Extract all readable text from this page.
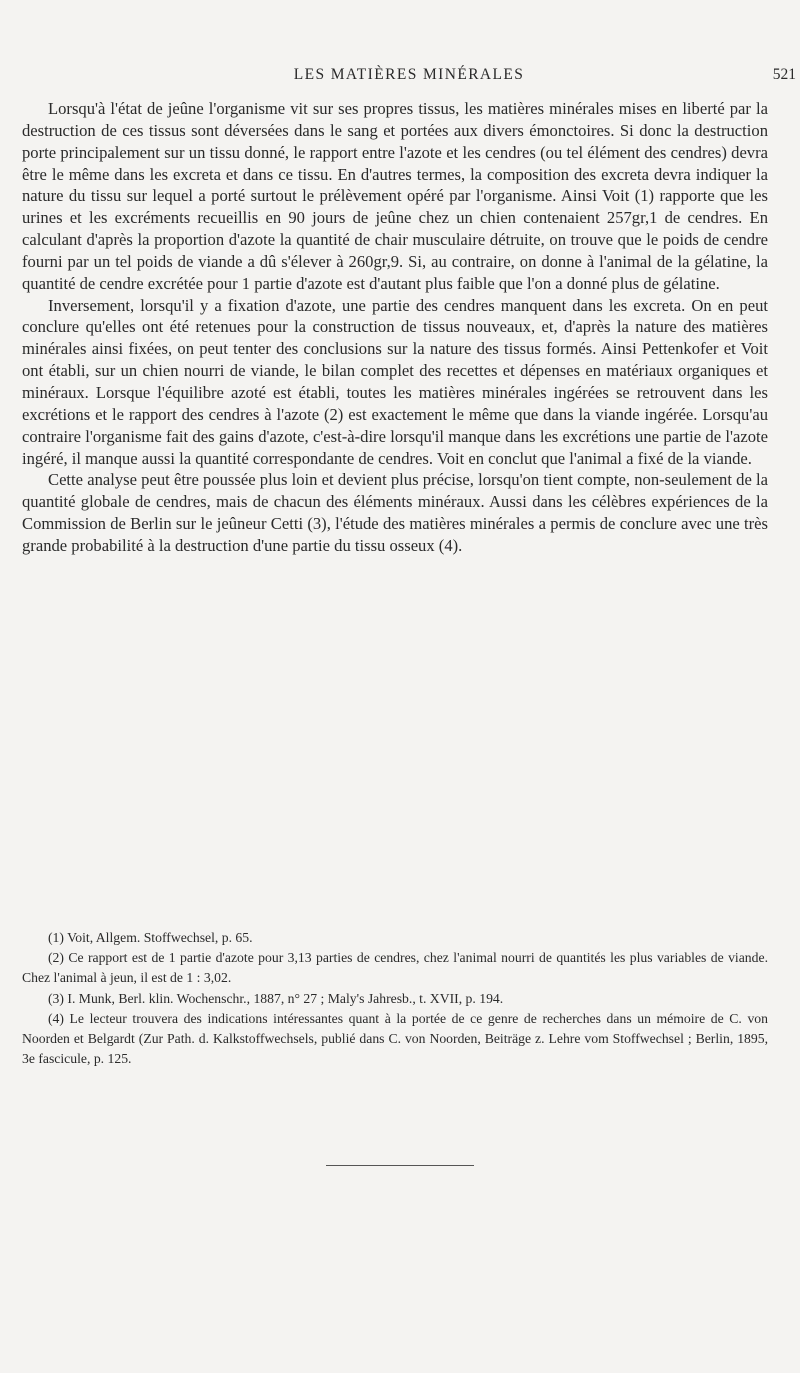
LES MATIÈRES MINÉRALES	521

Lorsqu'à l'état de jeûne l'organisme vit sur ses propres tissus, les matières minérales mises en liberté par la destruction de ces tissus sont déversées dans le sang et portées aux divers émonctoires. Si donc la destruction porte principalement sur un tissu donné, le rapport entre l'azote et les cendres (ou tel élément des cendres) devra être le même dans les excreta et dans ce tissu. En d'autres termes, la composition des excreta devra indiquer la nature du tissu sur lequel a porté surtout le prélèvement opéré par l'organisme. Ainsi Voit (1) rapporte que les urines et les excréments recueillis en 90 jours de jeûne chez un chien contenaient 257gr,1 de cendres. En calculant d'après la proportion d'azote la quantité de chair musculaire détruite, on trouve que le poids de cendre fourni par un tel poids de viande a dû s'élever à 260gr,9. Si, au contraire, on donne à l'animal de la gélatine, la quantité de cendre excrétée pour 1 partie d'azote est d'autant plus faible que l'on a donné plus de gélatine.

Inversement, lorsqu'il y a fixation d'azote, une partie des cendres manquent dans les excreta. On en peut conclure qu'elles ont été retenues pour la construction de tissus nouveaux, et, d'après la nature des matières minérales ainsi fixées, on peut tenter des conclusions sur la nature des tissus formés. Ainsi Pettenkofer et Voit ont établi, sur un chien nourri de viande, le bilan complet des recettes et dépenses en matériaux organiques et minéraux. Lorsque l'équilibre azoté est établi, toutes les matières minérales ingérées se retrouvent dans les excrétions et le rapport des cendres à l'azote (2) est exactement le même que dans la viande ingérée. Lorsqu'au contraire l'organisme fait des gains d'azote, c'est-à-dire lorsqu'il manque dans les excrétions une partie de l'azote ingéré, il manque aussi la quantité correspondante de cendres. Voit en conclut que l'animal a fixé de la viande.

Cette analyse peut être poussée plus loin et devient plus précise, lorsqu'on tient compte, non-seulement de la quantité globale de cendres, mais de chacun des éléments minéraux. Aussi dans les célèbres expériences de la Commission de Berlin sur le jeûneur Cetti (3), l'étude des matières minérales a permis de conclure avec une très grande probabilité à la destruction d'une partie du tissu osseux (4).

(1) Voit, Allgem. Stoffwechsel, p. 65.

(2) Ce rapport est de 1 partie d'azote pour 3,13 parties de cendres, chez l'animal nourri de quantités les plus variables de viande. Chez l'animal à jeun, il est de 1 : 3,02.

(3) I. Munk, Berl. klin. Wochenschr., 1887, n° 27 ; Maly's Jahresb., t. XVII, p. 194.

(4) Le lecteur trouvera des indications intéressantes quant à la portée de ce genre de recherches dans un mémoire de C. von Noorden et Belgardt (Zur Path. d. Kalkstoffwechsels, publié dans C. von Noorden, Beiträge z. Lehre vom Stoffwechsel ; Berlin, 1895, 3e fascicule, p. 125.
